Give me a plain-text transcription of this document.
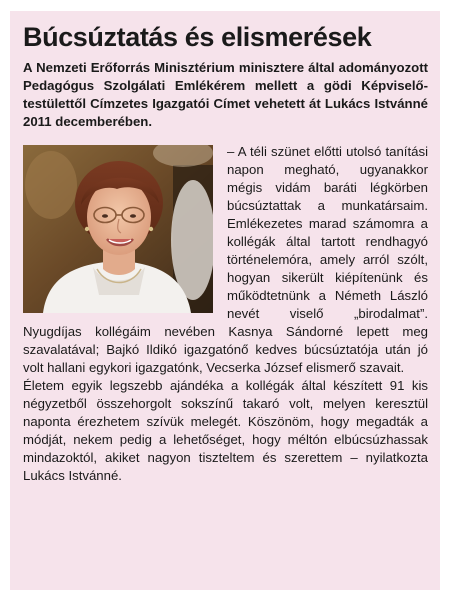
Búcsúztatás és elismerések

A Nemzeti Erőforrás Minisztérium minisztere által adományozott Pedagógus Szolgálati Emlékérem mellett a gödi Képviselő-testülettől Címzetes Igazgatói Címet vehetett át Lukács Istvánné 2011 decemberében.

– A téli szünet előtti utolsó tanítási napon megható, ugyanakkor mégis vidám baráti légkörben búcsúztattak a munkatársaim. Emlékezetes marad számomra a kollégák által tartott rendhagyó történelemóra, amely arról szólt, hogyan sikerült kiépítenünk és működtetnünk a Németh László nevét viselő „birodalmat”. Nyugdíjas kollégáim nevében Kasnya Sándorné lepett meg szavalatával; Bajkó Ildikó igazgatónő kedves búcsúztatója után jó volt hallani egykori igazgatónk, Vecserka József elismerő szavait.

Életem egyik legszebb ajándéka a kollégák által készített 91 kis négyzetből összehorgolt sokszínű takaró volt, melyen keresztül naponta érezhetem szívük melegét. Köszönöm, hogy megadták a módját, nekem pedig a lehetőséget, hogy méltón elbúcsúzhassak mindazoktól, akiket nagyon tiszteltem és szerettem – nyilatkozta Lukács Istvánné.
